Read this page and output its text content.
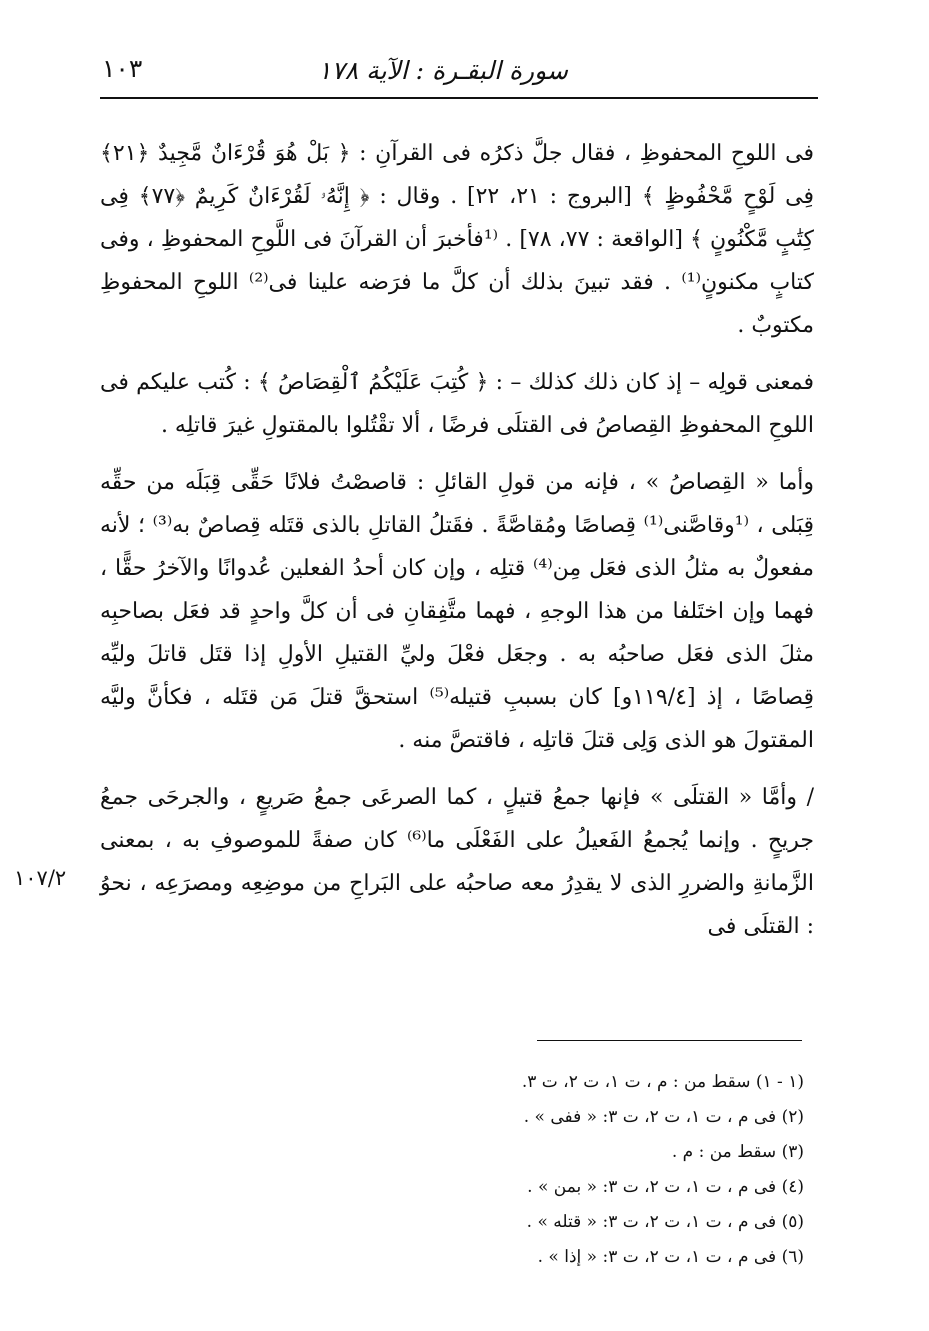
سورة البقـرة : الآية ١٧٨
١٠٣

فى اللوحِ المحفوظِ ، فقال جلَّ ذكرُه فى القرآنِ : ﴿ بَلْ هُوَ قُرْءَانٌ مَّجِيدٌ ﴿٢١﴾ فِى لَوْحٍ مَّحْفُوظٍ ﴾ [البروج : ٢١، ٢٢] . وقال : ﴿ إِنَّهُۥ لَقُرْءَانٌ كَرِيمٌ ﴿٧٧﴾ فِى كِتَٰبٍ مَّكْنُونٍ ﴾ [الواقعة : ٧٧، ٧٨] . ⁽¹فأخبرَ أن القرآنَ فى اللَّوحِ المحفوظِ ، وفى كتابٍ مكنونٍ⁽¹⁾ . فقد تبينَ بذلك أن كلَّ ما فرَضه علينا فى⁽²⁾ اللوحِ المحفوظِ مكتوبٌ .

فمعنى قولِه – إذ كان ذلك كذلك – : ﴿ كُتِبَ عَلَيْكُمُ ٱلْقِصَاصُ ﴾ : كُتب عليكم فى اللوحِ المحفوظِ القِصاصُ فى القتلَى فرضًا ، ألا تقْتُلوا بالمقتولِ غيرَ قاتلِه .

وأما « القِصاصُ » ، فإنه من قولِ القائلِ : قاصصْتُ فلانًا حَقِّى قِبَلَه من حقِّه قِبَلى ، ⁽¹وقاصَّنى⁽¹⁾ قِصاصًا ومُقاصَّةً . فقَتلُ القاتلِ بالذى قتَله قِصاصٌ به⁽³⁾ ؛ لأنه مفعولٌ به مثلُ الذى فعَل مِن⁽⁴⁾ قتلِه ، وإن كان أحدُ الفعلين عُدوانًا والآخرُ حقًّا ، فهما وإن اختَلفا من هذا الوجهِ ، فهما متَّفِقانِ فى أن كلَّ واحدٍ قد فعَل بصاحبِه مثلَ الذى فعَل صاحبُه به . وجعَل فعْلَ وليِّ القتيلِ الأولِ إذا قتَل قاتلَ وليِّه قِصاصًا ، إذ [١١٩/٤و] كان بسببِ قتيله⁽⁵⁾ استحقَّ قتلَ مَن قتَله ، فكأنَّ وليَّه المقتولَ هو الذى وَلِى قتلَ قاتلِه ، فاقتصَّ منه .

/ وأمَّا « القتلَى » فإنها جمعُ قتيلٍ ، كما الصرعَى جمعُ صَريعٍ ، والجرحَى جمعُ جريحٍ . وإنما يُجمعُ الفَعيلُ على الفَعْلَى ما⁽⁶⁾ كان صفةً للموصوفِ به ، بمعنى الزَّمانةِ والضررِ الذى لا يقدِرُ معه صاحبُه على البَراحِ من موضِعِه ومصرَعِه ، نحوُ : القتلَى فى

١٠٧/٢
(١ - ١) سقط من : م ، ت ١، ت ٢، ت ٣.
(٢) فى م ، ت ١، ت ٢، ت ٣: « ففى » .
(٣) سقط من : م .
(٤) فى م ، ت ١، ت ٢، ت ٣: « بمن » .
(٥) فى م ، ت ١، ت ٢، ت ٣: « قتله » .
(٦) فى م ، ت ١، ت ٢، ت ٣: « إذا » .
